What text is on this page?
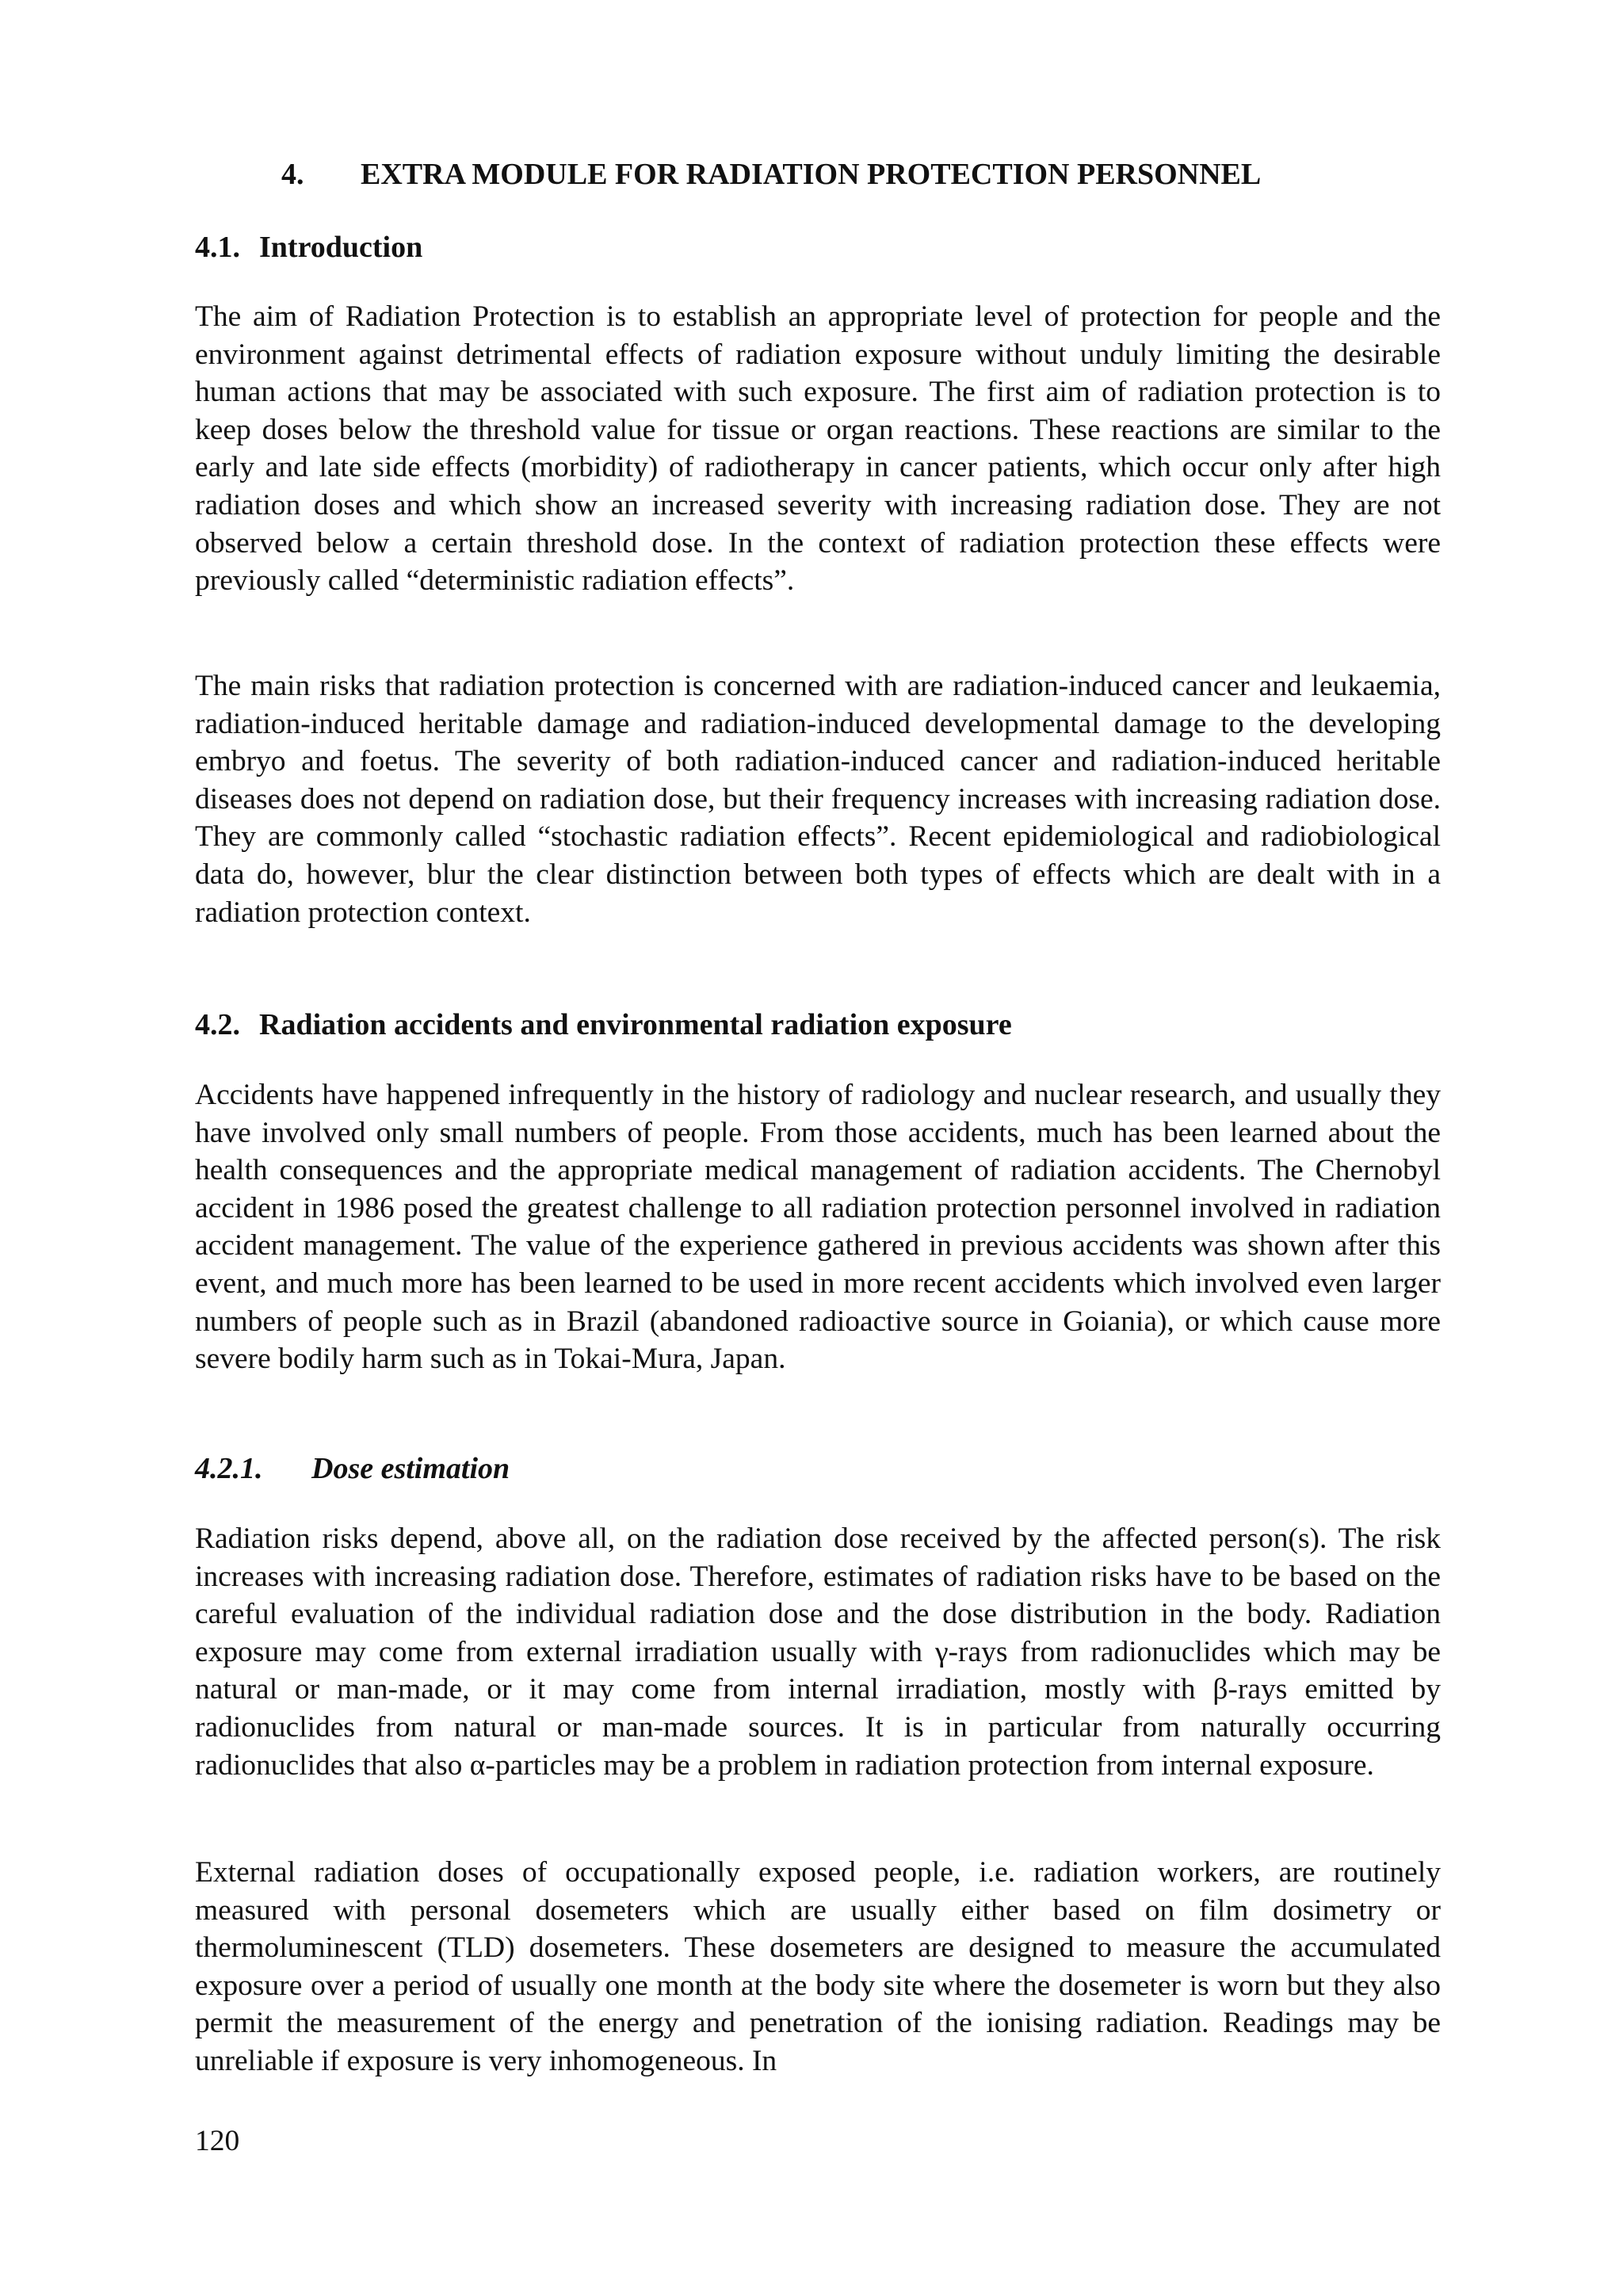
4. EXTRA MODULE FOR RADIATION PROTECTION PERSONNEL
4.1. Introduction

The aim of Radiation Protection is to establish an appropriate level of protection for people and the environment against detrimental effects of radiation exposure without unduly limiting the desirable human actions that may be associated with such exposure. The first aim of radiation protection is to keep doses below the threshold value for tissue or organ reactions. These reactions are similar to the early and late side effects (morbidity) of radiotherapy in cancer patients, which occur only after high radiation doses and which show an increased severity with increasing radiation dose. They are not observed below a certain threshold dose. In the context of radiation protection these effects were previously called “deterministic radiation effects”.

The main risks that radiation protection is concerned with are radiation-induced cancer and leukaemia, radiation-induced heritable damage and radiation-induced developmental damage to the developing embryo and foetus. The severity of both radiation-induced cancer and radiation-induced heritable diseases does not depend on radiation dose, but their frequency increases with increasing radiation dose. They are commonly called “stochastic radiation effects”. Recent epidemiological and radiobiological data do, however, blur the clear distinction between both types of effects which are dealt with in a radiation protection context.

4.2. Radiation accidents and environmental radiation exposure

Accidents have happened infrequently in the history of radiology and nuclear research, and usually they have involved only small numbers of people. From those accidents, much has been learned about the health consequences and the appropriate medical management of radiation accidents. The Chernobyl accident in 1986 posed the greatest challenge to all radiation protection personnel involved in radiation accident management. The value of the experience gathered in previous accidents was shown after this event, and much more has been learned to be used in more recent accidents which involved even larger numbers of people such as in Brazil (abandoned radioactive source in Goiania), or which cause more severe bodily harm such as in Tokai-Mura, Japan.

4.2.1. Dose estimation

Radiation risks depend, above all, on the radiation dose received by the affected person(s). The risk increases with increasing radiation dose. Therefore, estimates of radiation risks have to be based on the careful evaluation of the individual radiation dose and the dose distribution in the body. Radiation exposure may come from external irradiation usually with γ-rays from radionuclides which may be natural or man-made, or it may come from internal irradiation, mostly with β-rays emitted by radionuclides from natural or man-made sources. It is in particular from naturally occurring radionuclides that also α-particles may be a problem in radiation protection from internal exposure.

External radiation doses of occupationally exposed people, i.e. radiation workers, are routinely measured with personal dosemeters which are usually either based on film dosimetry or thermoluminescent (TLD) dosemeters. These dosemeters are designed to measure the accumulated exposure over a period of usually one month at the body site where the dosemeter is worn but they also permit the measurement of the energy and penetration of the ionising radiation. Readings may be unreliable if exposure is very inhomogeneous. In

120
